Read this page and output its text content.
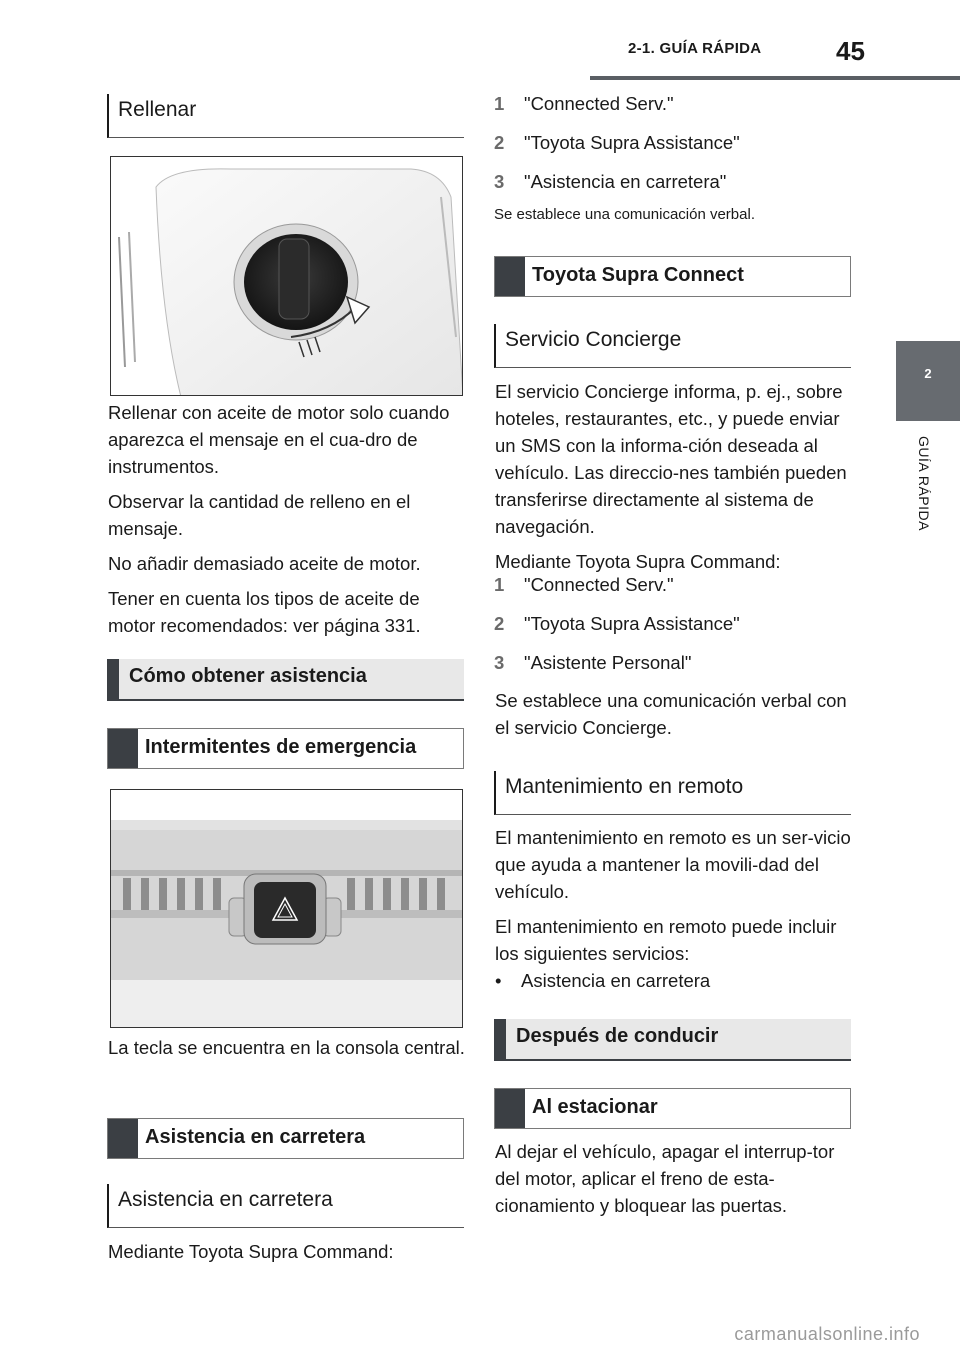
2-1. GUÍA RÁPIDA	45
2
GUÍA RÁPIDA
Rellenar

Rellenar con aceite de motor solo cuando aparezca el mensaje en el cua-dro de instrumentos.

Observar la cantidad de relleno en el mensaje.

No añadir demasiado aceite de motor.

Tener en cuenta los tipos de aceite de motor recomendados: ver página 331.

Cómo obtener asistencia
Intermitentes de emergencia

La tecla se encuentra en la consola central.

Asistencia en carretera
Asistencia en carretera

Mediante Toyota Supra Command:

1 "Connected Serv."
2 "Toyota Supra Assistance"
3 "Asistencia en carretera"
Se establece una comunicación verbal.
Toyota Supra Connect
Servicio Concierge

El servicio Concierge informa, p. ej., sobre hoteles, restaurantes, etc., y puede enviar un SMS con la informa-ción deseada al vehículo. Las direccio-nes también pueden transferirse directamente al sistema de navegación.

Mediante Toyota Supra Command:

1 "Connected Serv."
2 "Toyota Supra Assistance"
3 "Asistente Personal"

Se establece una comunicación verbal con el servicio Concierge.

Mantenimiento en remoto

El mantenimiento en remoto es un ser-vicio que ayuda a mantener la movili-dad del vehículo.

El mantenimiento en remoto puede incluir los siguientes servicios:

• Asistencia en carretera
Después de conducir
Al estacionar

Al dejar el vehículo, apagar el interrup-tor del motor, aplicar el freno de esta-cionamiento y bloquear las puertas.

carmanualsonline.info
